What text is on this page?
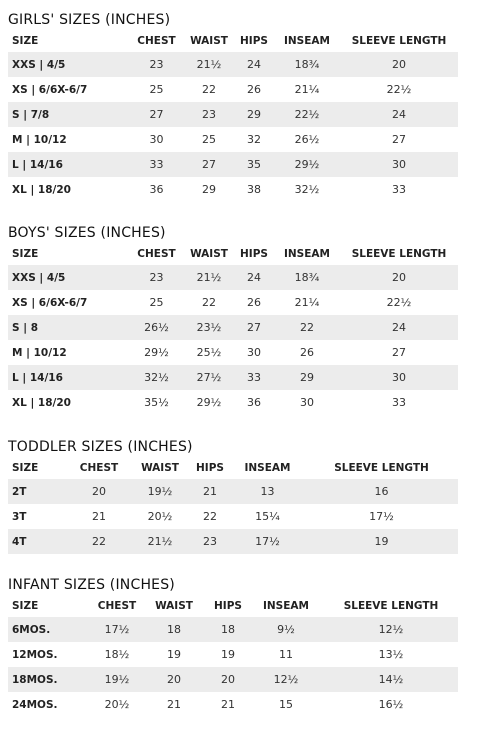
GIRLS' SIZES (INCHES)
SIZE	CHEST	WAIST	HIPS	INSEAM	SLEEVE LENGTH
XXS | 4/5	23	21½	24	18¾	20
XS | 6/6X-6/7	25	22	26	21¼	22½
S | 7/8	27	23	29	22½	24
M | 10/12	30	25	32	26½	27
L | 14/16	33	27	35	29½	30
XL | 18/20	36	29	38	32½	33
BOYS' SIZES (INCHES)
SIZE	CHEST	WAIST	HIPS	INSEAM	SLEEVE LENGTH
XXS | 4/5	23	21½	24	18¾	20
XS | 6/6X-6/7	25	22	26	21¼	22½
S | 8	26½	23½	27	22	24
M | 10/12	29½	25½	30	26	27
L | 14/16	32½	27½	33	29	30
XL | 18/20	35½	29½	36	30	33
TODDLER SIZES (INCHES)
SIZE	CHEST	WAIST	HIPS	INSEAM	SLEEVE LENGTH
2T	20	19½	21	13	16
3T	21	20½	22	15¼	17½
4T	22	21½	23	17½	19
INFANT SIZES (INCHES)
SIZE	CHEST	WAIST	HIPS	INSEAM	SLEEVE LENGTH
6MOS.	17½	18	18	9½	12½
12MOS.	18½	19	19	11	13½
18MOS.	19½	20	20	12½	14½
24MOS.	20½	21	21	15	16½
